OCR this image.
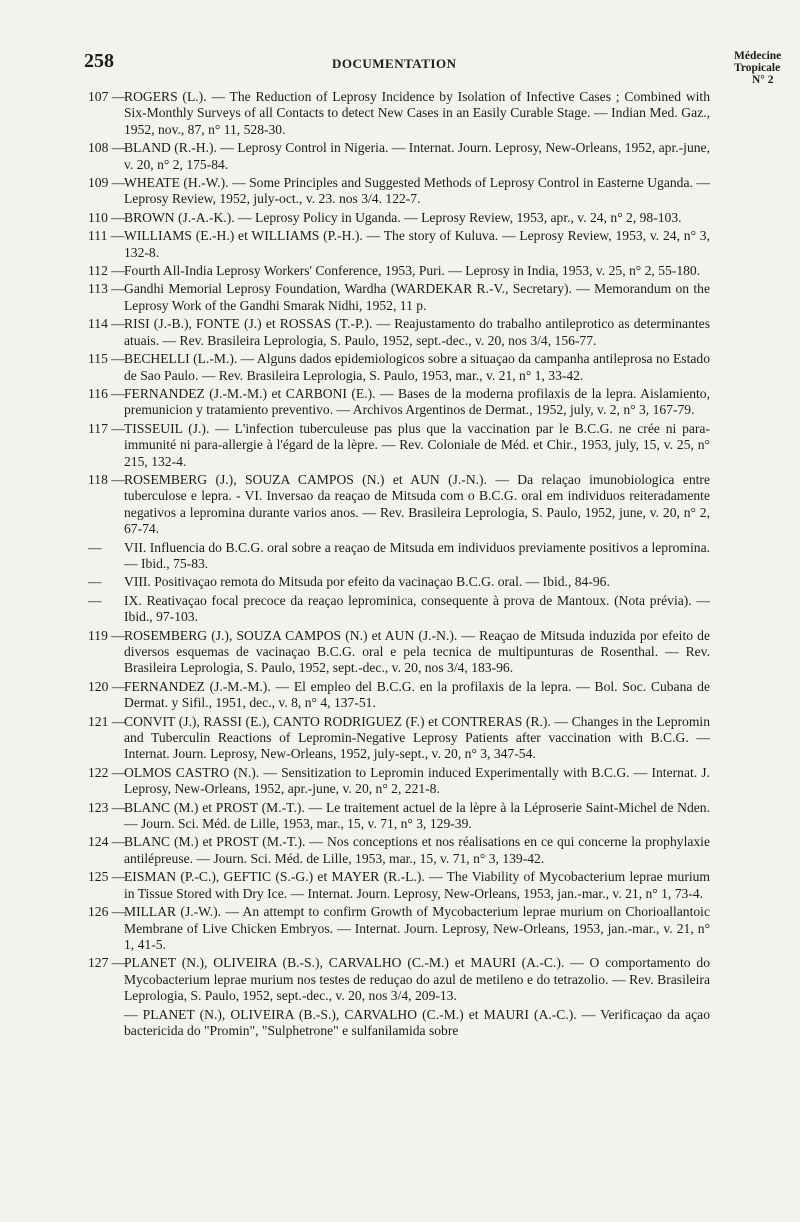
258	DOCUMENTATION	Médecine
Tropicale
N° 2
107 —
ROGERS (L.). — The Reduction of Leprosy Incidence by Isolation of Infective Cases ; Combined with Six-Monthly Surveys of all Contacts to detect New Cases in an Easily Curable Stage. — Indian Med. Gaz., 1952, nov., 87, n° 11, 528-30.
108 —
BLAND (R.-H.). — Leprosy Control in Nigeria. — Internat. Journ. Leprosy, New-Orleans, 1952, apr.-june, v. 20, n° 2, 175-84.
109 —
WHEATE (H.-W.). — Some Principles and Suggested Methods of Leprosy Control in Easterne Uganda. — Leprosy Review, 1952, july-oct., v. 23. nos 3/4. 122-7.
110 — BROWN (J.-A.-K.). — Leprosy Policy in Uganda. — Leprosy Review, 1953, apr., v. 24, n° 2, 98-103.
111 — WILLIAMS (E.-H.) et WILLIAMS (P.-H.). — The story of Kuluva. — Leprosy Review, 1953, v. 24, n° 3, 132-8.
112 — Fourth All-India Leprosy Workers' Conference, 1953, Puri. — Leprosy in India, 1953, v. 25, n° 2, 55-180.
113 — Gandhi Memorial Leprosy Foundation, Wardha (WARDEKAR R.-V., Secretary). — Memorandum on the Leprosy Work of the Gandhi Smarak Nidhi, 1952, 11 p.
114 — RISI (J.-B.), FONTE (J.) et ROSSAS (T.-P.). — Reajustamento do trabalho antileprotico as determinantes atuais. — Rev. Brasileira Leprologia, S. Paulo, 1952, sept.-dec., v. 20, nos 3/4, 156-77.
115 — BECHELLI (L.-M.). — Alguns dados epidemiologicos sobre a situaçao da campanha antileprosa no Estado de Sao Paulo. — Rev. Brasileira Leprologia, S. Paulo, 1953, mar., v. 21, n° 1, 33-42.
116 — FERNANDEZ (J.-M.-M.) et CARBONI (E.). — Bases de la moderna profilaxis de la lepra. Aislamiento, premunicion y tratamiento preventivo. — Archivos Argentinos de Dermat., 1952, july, v. 2, n° 3, 167-79.
117 — TISSEUIL (J.). — L'infection tuberculeuse pas plus que la vaccination par le B.C.G. ne crée ni para-immunité ni para-allergie à l'égard de la lèpre. — Rev. Coloniale de Méd. et Chir., 1953, july, 15, v. 25, n° 215, 132-4.
118 — ROSEMBERG (J.), SOUZA CAMPOS (N.) et AUN (J.-N.). — Da relaçao imunobiologica entre tuberculose e lepra. - VI. Inversao da reaçao de Mitsuda com o B.C.G. oral em individuos reiteradamente negativos a lepromina durante varios anos. — Rev. Brasileira Leprologia, S. Paulo, 1952, june, v. 20, n° 2, 67-74.
— VII. Influencia do B.C.G. oral sobre a reaçao de Mitsuda em individuos previamente positivos a lepromina. — Ibid., 75-83.
— VIII. Positivaçao remota do Mitsuda por efeito da vacinaçao B.C.G. oral. — Ibid., 84-96.
— IX. Reativaçao focal precoce da reaçao leprominica, consequente à prova de Mantoux. (Nota prévia). — Ibid., 97-103.
119 — ROSEMBERG (J.), SOUZA CAMPOS (N.) et AUN (J.-N.). — Reaçao de Mitsuda induzida por efeito de diversos esquemas de vacinaçao B.C.G. oral e pela tecnica de multipunturas de Rosenthal. — Rev. Brasileira Leprologia, S. Paulo, 1952, sept.-dec., v. 20, nos 3/4, 183-96.
120 —
FERNANDEZ (J.-M.-M.). — El empleo del B.C.G. en la profilaxis de la lepra. — Bol. Soc. Cubana de Dermat. y Sifil., 1951, dec., v. 8, n° 4, 137-51.
121 —
CONVIT (J.), RASSI (E.), CANTO RODRIGUEZ (F.) et CONTRERAS (R.). — Changes in the Lepromin and Tuberculin Reactions of Lepromin-Negative Leprosy Patients after vaccination with B.C.G. — Internat. Journ. Leprosy, New-Orleans, 1952, july-sept., v. 20, n° 3, 347-54.
122 —
OLMOS CASTRO (N.). — Sensitization to Lepromin induced Experimentally with B.C.G. — Internat. J. Leprosy, New-Orleans, 1952, apr.-june, v. 20, n° 2, 221-8.
123 —
BLANC (M.) et PROST (M.-T.). — Le traitement actuel de la lèpre à la Léproserie Saint-Michel de Nden. — Journ. Sci. Méd. de Lille, 1953, mar., 15, v. 71, n° 3, 129-39.
124 —
BLANC (M.) et PROST (M.-T.). — Nos conceptions et nos réalisations en ce qui concerne la prophylaxie antilépreuse. — Journ. Sci. Méd. de Lille, 1953, mar., 15, v. 71, n° 3, 139-42.
125 —
EISMAN (P.-C.), GEFTIC (S.-G.) et MAYER (R.-L.). — The Viability of Mycobacterium leprae murium in Tissue Stored with Dry Ice. — Internat. Journ. Leprosy, New-Orleans, 1953, jan.-mar., v. 21, n° 1, 73-4.
126 —
MILLAR (J.-W.). — An attempt to confirm Growth of Mycobacterium leprae murium on Chorioallantoic Membrane of Live Chicken Embryos. — Internat. Journ. Leprosy, New-Orleans, 1953, jan.-mar., v. 21, n° 1, 41-5.
127 —
PLANET (N.), OLIVEIRA (B.-S.), CARVALHO (C.-M.) et MAURI (A.-C.). — O comportamento do Mycobacterium leprae murium nos testes de reduçao do azul de metileno e do tetrazolio. — Rev. Brasileira Leprologia, S. Paulo, 1952, sept.-dec., v. 20, nos 3/4, 209-13.
— PLANET (N.), OLIVEIRA (B.-S.), CARVALHO (C.-M.) et MAURI (A.-C.). — Verificaçao da açao bactericida do "Promin", "Sulphetrone" e sulfanilamida sobre
